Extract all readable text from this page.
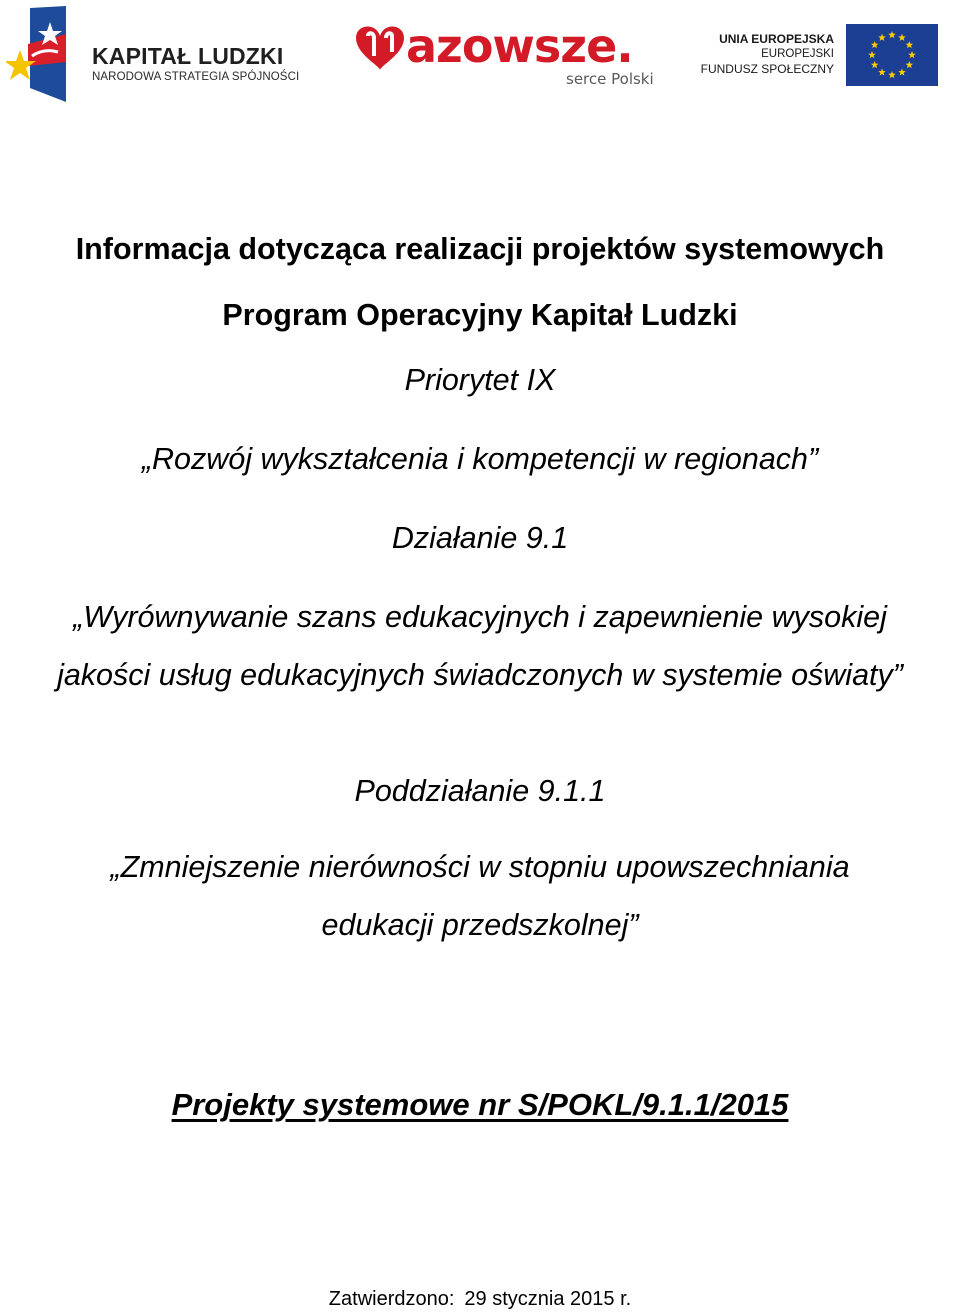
KAPITAŁ LUDZKI
NARODOWA STRATEGIA SPÓJNOŚCI
azowsze.
serce Polski
UNIA EUROPEJSKA
EUROPEJSKI
FUNDUSZ SPOŁECZNY
Informacja dotycząca realizacji projektów systemowych
Program Operacyjny Kapitał Ludzki
Priorytet IX
„Rozwój wykształcenia i kompetencji w regionach”
Działanie 9.1
„Wyrównywanie szans edukacyjnych i zapewnienie wysokiej
jakości usług edukacyjnych świadczonych w systemie oświaty”
Poddziałanie 9.1.1
„Zmniejszenie nierówności w stopniu upowszechniania
edukacji przedszkolnej”
Projekty systemowe nr S/POKL/9.1.1/2015
Zatwierdzono: 29 stycznia 2015 r.
